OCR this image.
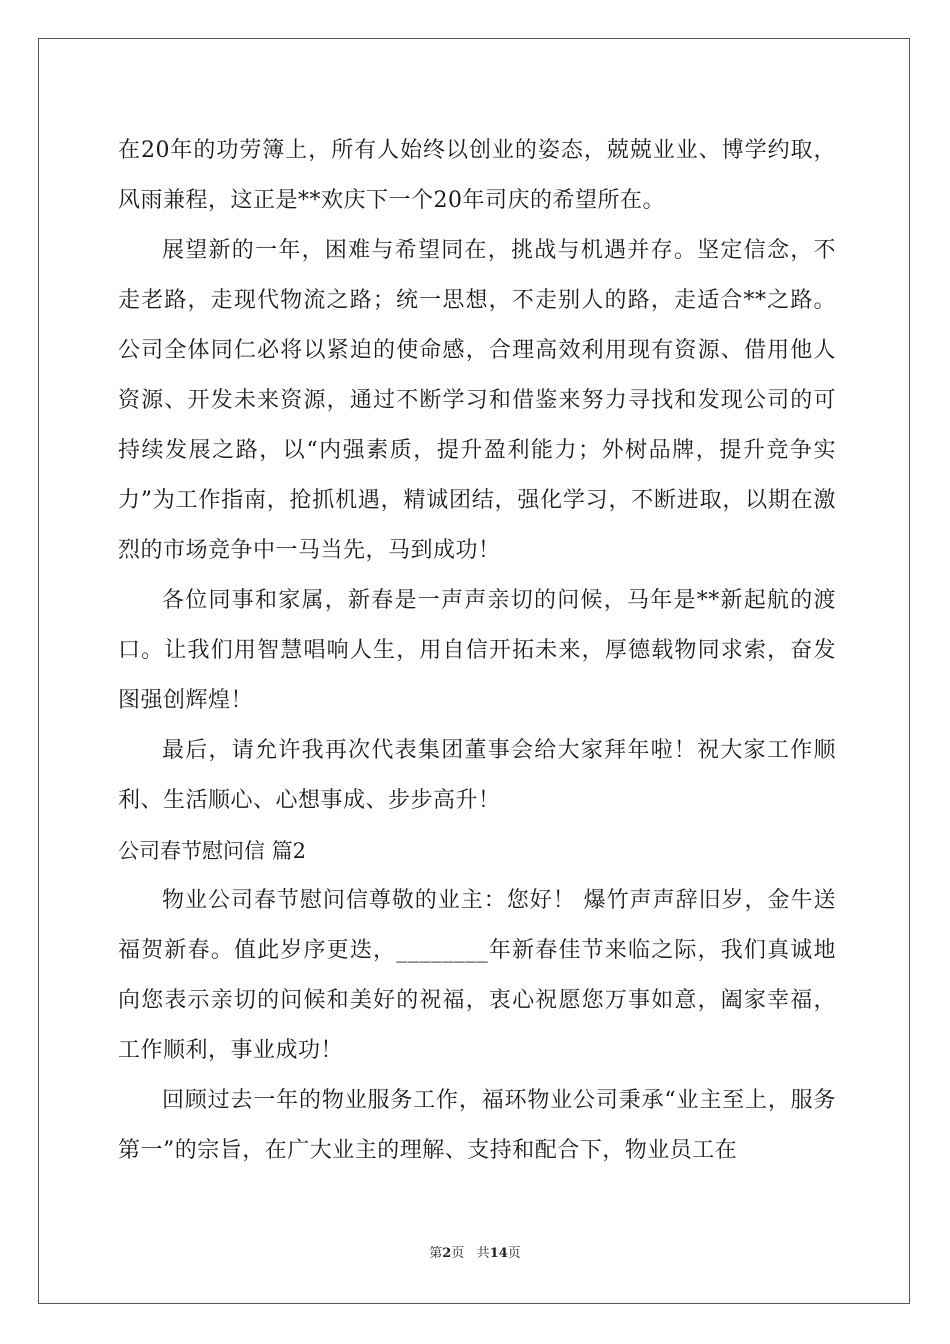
在20年的功劳簿上，所有人始终以创业的姿态，兢兢业业、博学约取，风雨兼程，这正是**欢庆下一个20年司庆的希望所在。

展望新的一年，困难与希望同在，挑战与机遇并存。坚定信念，不走老路，走现代物流之路；统一思想，不走别人的路，走适合**之路。公司全体同仁必将以紧迫的使命感，合理高效利用现有资源、借用他人资源、开发未来资源，通过不断学习和借鉴来努力寻找和发现公司的可持续发展之路，以“内强素质，提升盈利能力；外树品牌，提升竞争实力”为工作指南，抢抓机遇，精诚团结，强化学习，不断进取，以期在激烈的市场竞争中一马当先，马到成功！

各位同事和家属，新春是一声声亲切的问候，马年是**新起航的渡口。让我们用智慧唱响人生，用自信开拓未来，厚德载物同求索，奋发图强创辉煌！

最后，请允许我再次代表集团董事会给大家拜年啦！祝大家工作顺利、生活顺心、心想事成、步步高升！

公司春节慰问信 篇2

物业公司春节慰问信尊敬的业主：您好！ 爆竹声声辞旧岁，金牛送福贺新春。值此岁序更迭，________年新春佳节来临之际，我们真诚地向您表示亲切的问候和美好的祝福，衷心祝愿您万事如意，阖家幸福，工作顺利，事业成功！

回顾过去一年的物业服务工作，福环物业公司秉承“业主至上，服务第一”的宗旨，在广大业主的理解、支持和配合下，物业员工在

第2页 共14页
